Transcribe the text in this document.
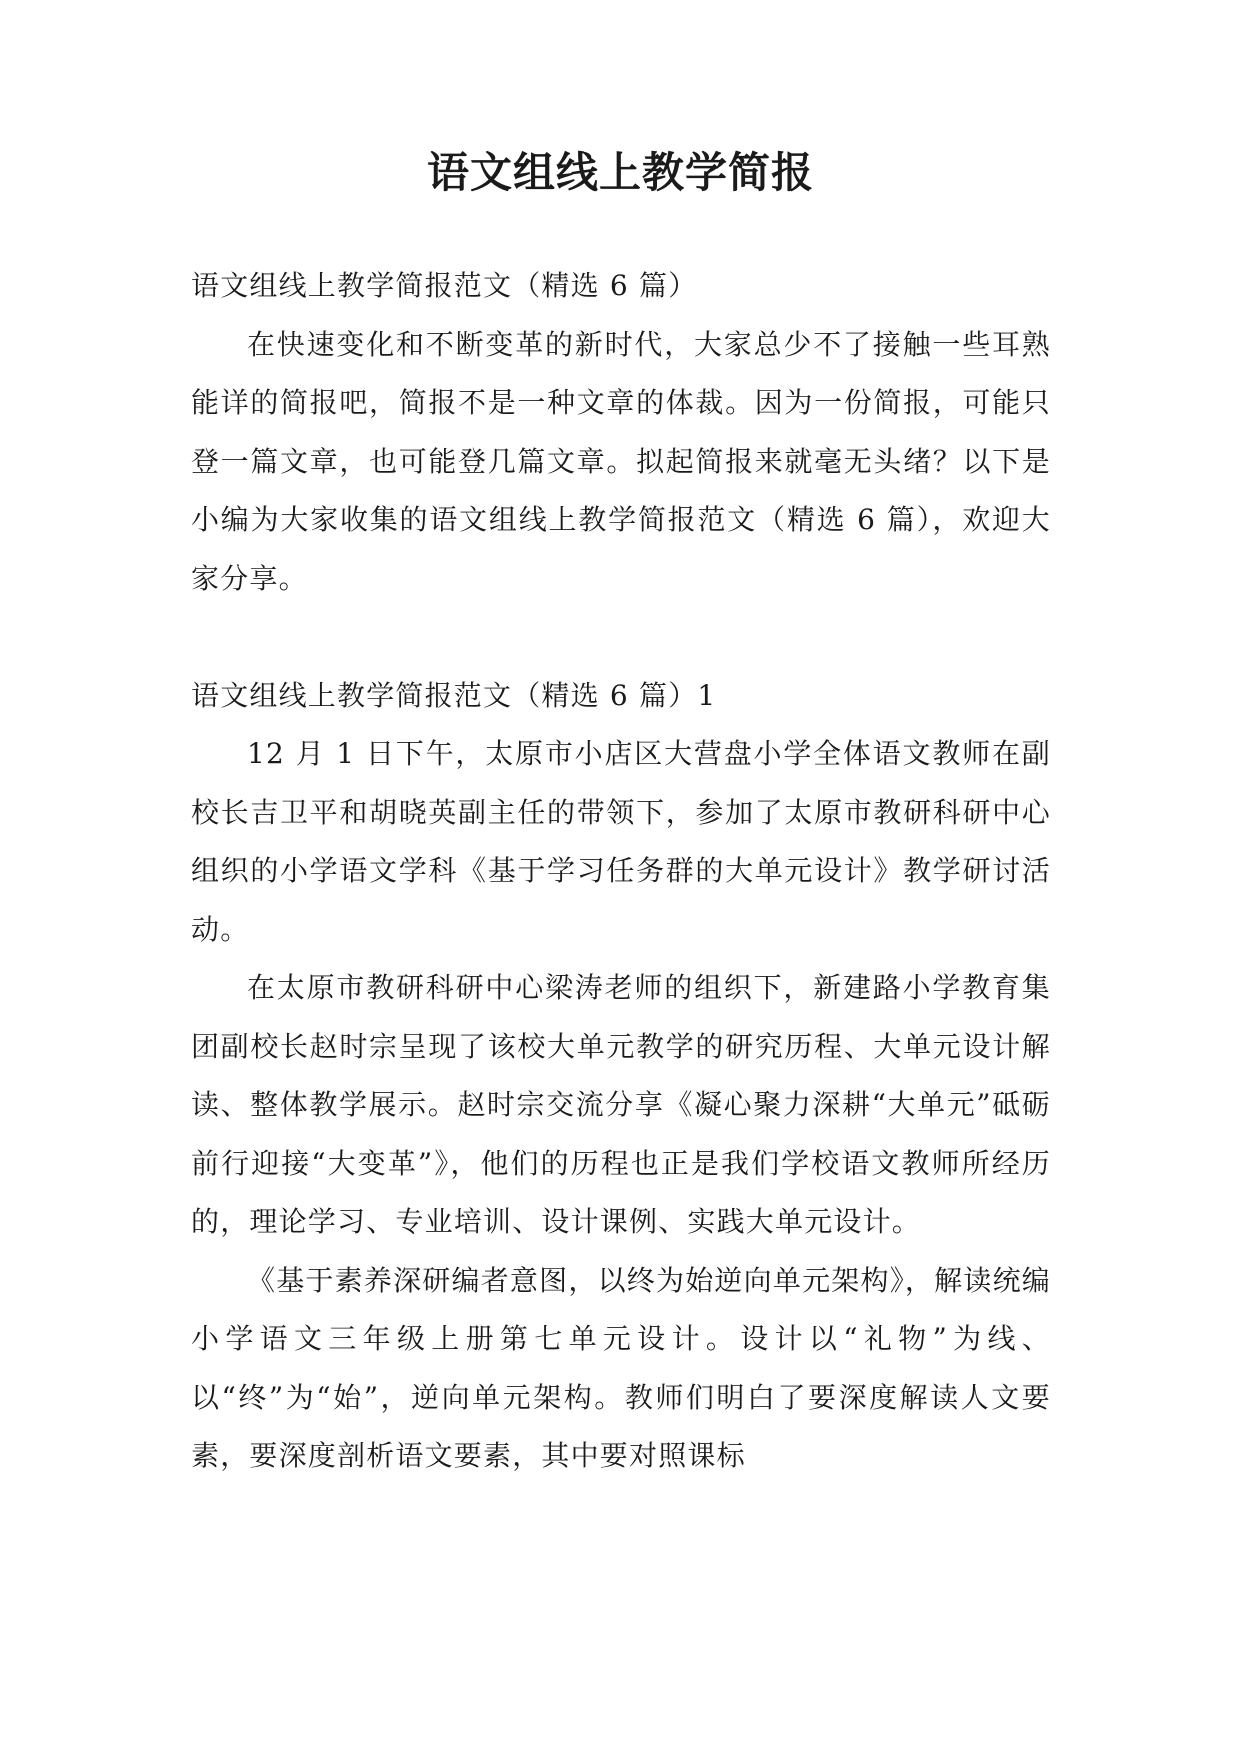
语文组线上教学简报

语文组线上教学简报范文（精选 6 篇）

在快速变化和不断变革的新时代，大家总少不了接触一些耳熟能详的简报吧，简报不是一种文章的体裁。因为一份简报，可能只登一篇文章，也可能登几篇文章。拟起简报来就毫无头绪？以下是小编为大家收集的语文组线上教学简报范文（精选 6 篇），欢迎大家分享。

语文组线上教学简报范文（精选 6 篇）1

12 月 1 日下午，太原市小店区大营盘小学全体语文教师在副校长吉卫平和胡晓英副主任的带领下，参加了太原市教研科研中心组织的小学语文学科《基于学习任务群的大单元设计》教学研讨活动。

在太原市教研科研中心梁涛老师的组织下，新建路小学教育集团副校长赵时宗呈现了该校大单元教学的研究历程、大单元设计解读、整体教学展示。赵时宗交流分享《凝心聚力深耕“大单元”砥砺前行迎接“大变革”》，他们的历程也正是我们学校语文教师所经历的，理论学习、专业培训、设计课例、实践大单元设计。

《基于素养深研编者意图，以终为始逆向单元架构》，解读统编小学语文三年级上册第七单元设计。设计以“礼物”为线、以“终”为“始”，逆向单元架构。教师们明白了要深度解读人文要素，要深度剖析语文要素，其中要对照课标
